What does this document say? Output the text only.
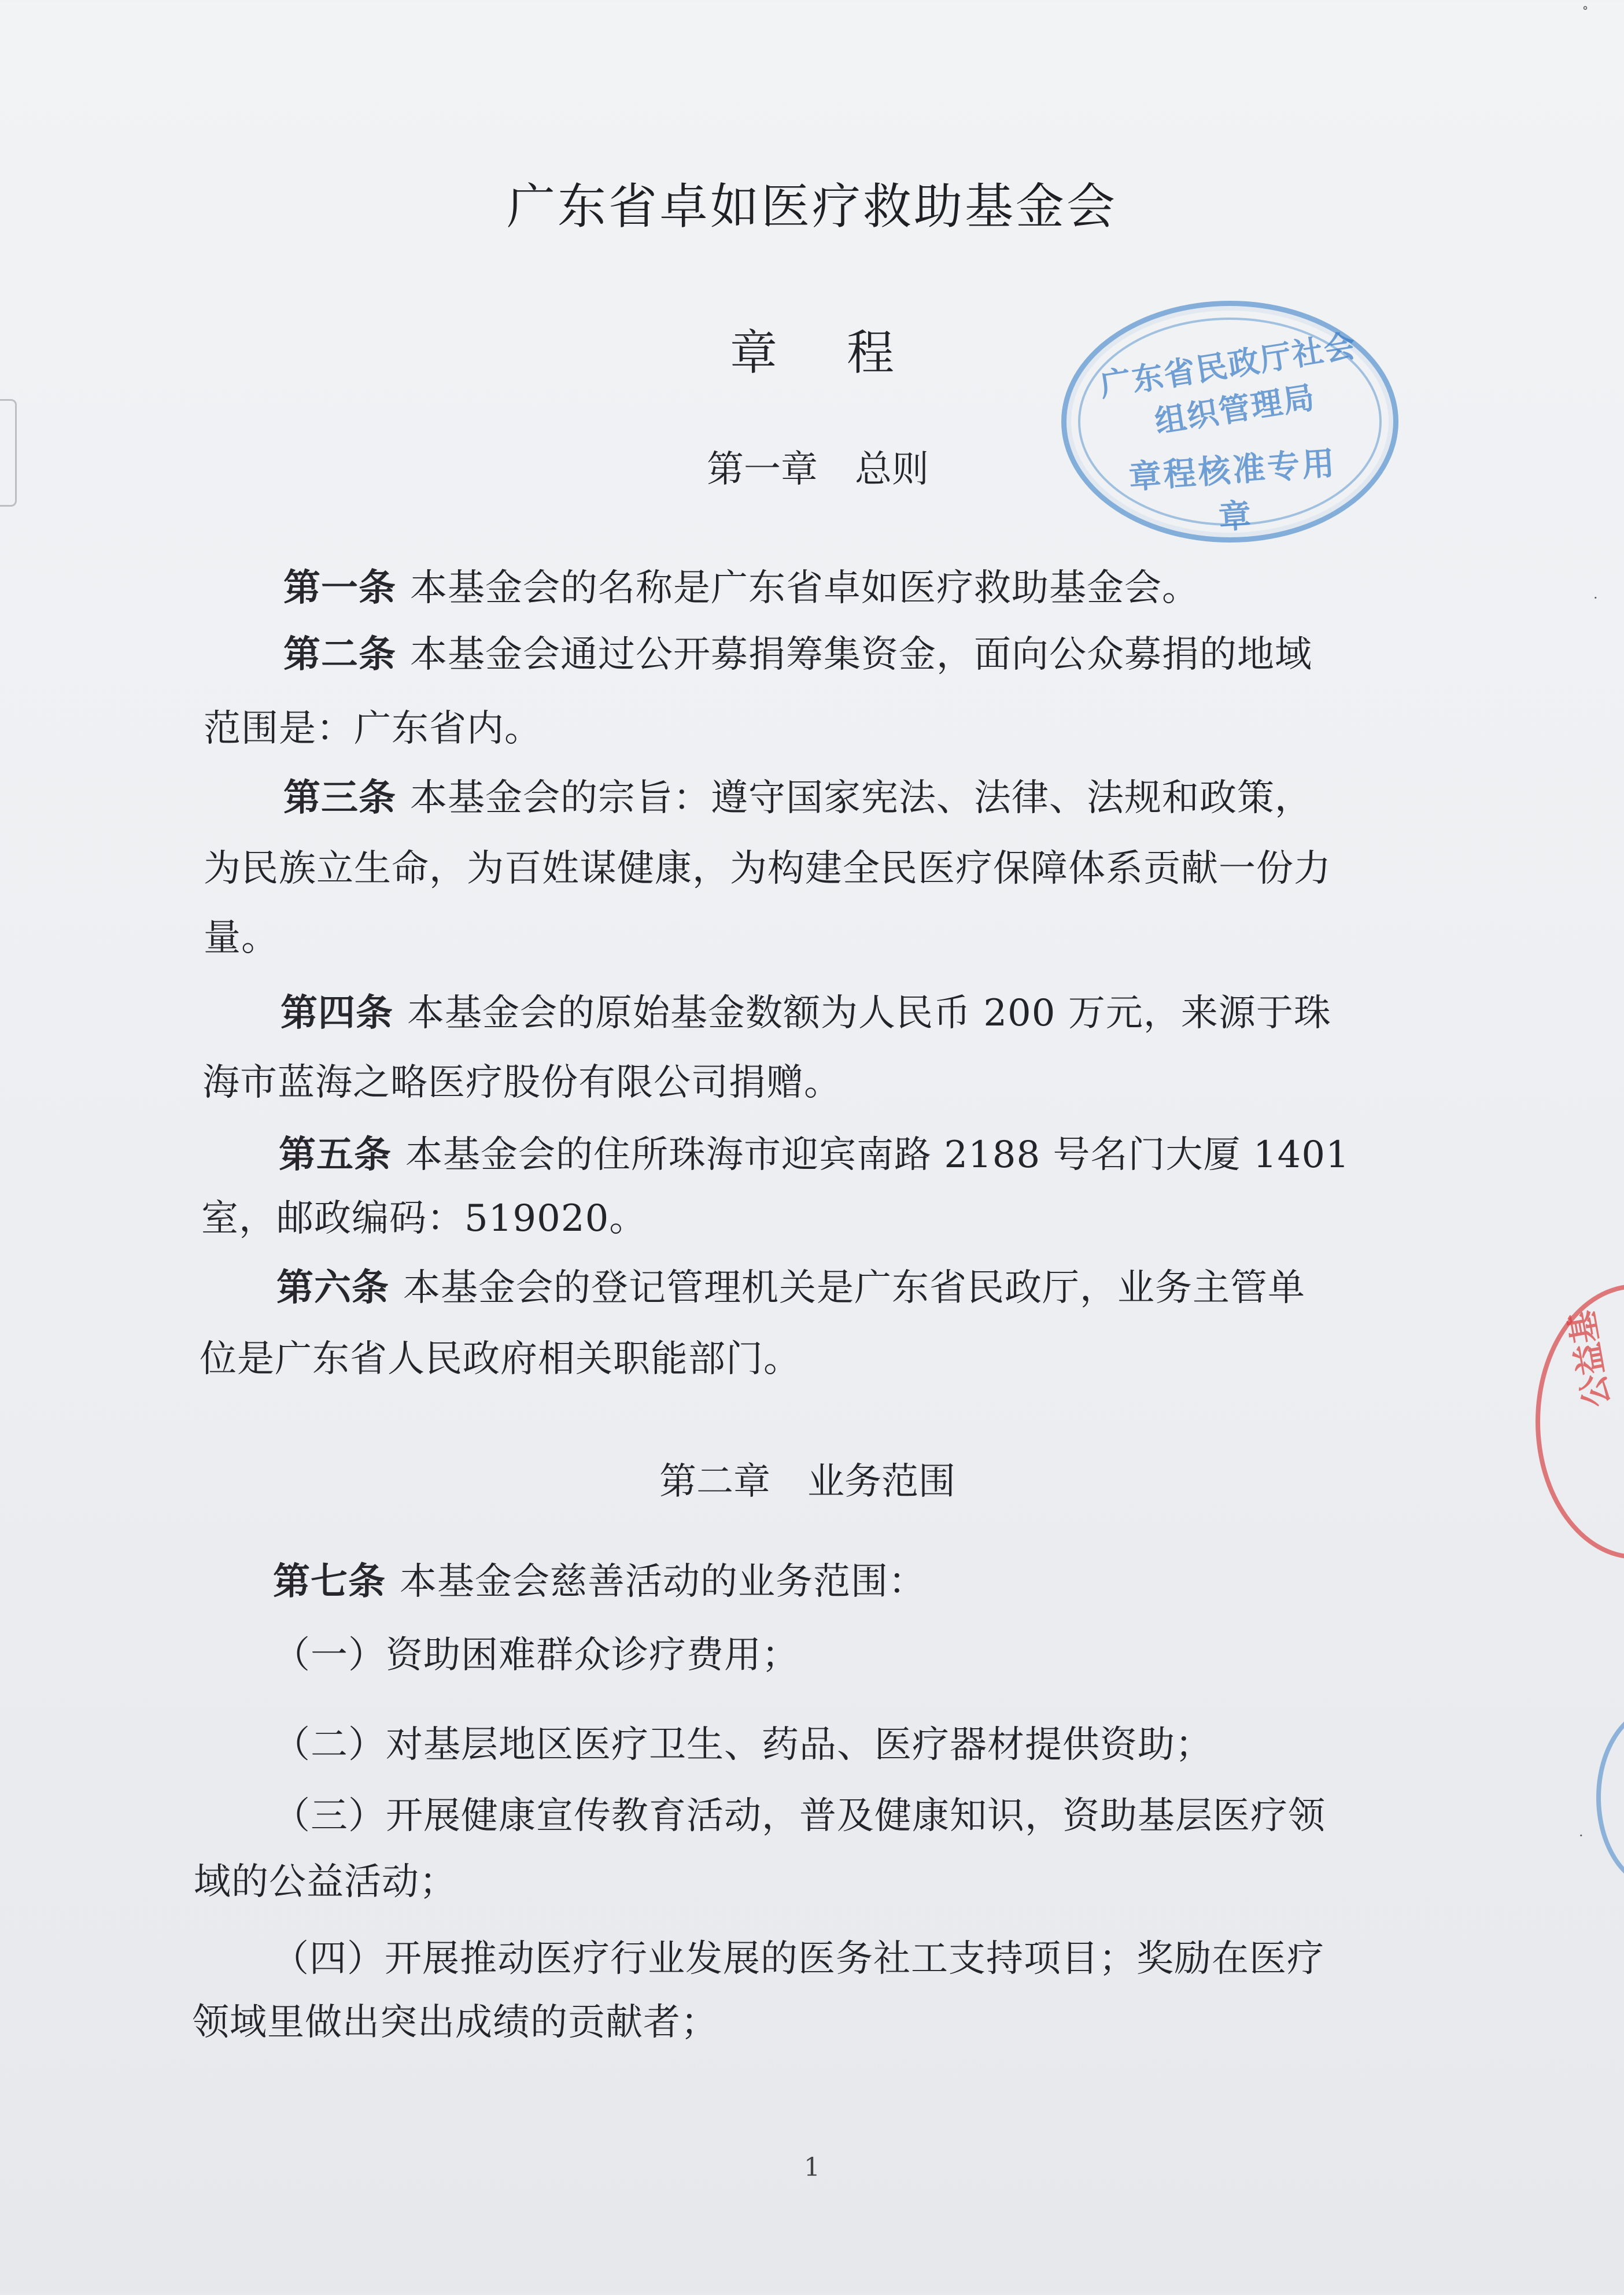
˚
·
·
广东省卓如医疗救助基金会
章程	广东省民政厅社会组织管理局
章程核准专用章
第一章　总则
第一条 本基金会的名称是广东省卓如医疗救助基金会。
第二条 本基金会通过公开募捐筹集资金，面向公众募捐的地域
范围是：广东省内。
第三条 本基金会的宗旨：遵守国家宪法、法律、法规和政策，
为民族立生命，为百姓谋健康，为构建全民医疗保障体系贡献一份力
量。
第四条 本基金会的原始基金数额为人民币 200 万元，来源于珠
海市蓝海之略医疗股份有限公司捐赠。
第五条 本基金会的住所珠海市迎宾南路 2188 号名门大厦 1401
室，邮政编码：519020。
第六条 本基金会的登记管理机关是广东省民政厅，业务主管单
位是广东省人民政府相关职能部门。
第二章　业务范围
第七条 本基金会慈善活动的业务范围：
（一）资助困难群众诊疗费用；
（二）对基层地区医疗卫生、药品、医疗器材提供资助；
（三）开展健康宣传教育活动，普及健康知识，资助基层医疗领
域的公益活动；
（四）开展推动医疗行业发展的医务社工支持项目；奖励在医疗
领域里做出突出成绩的贡献者；
公益基
1
